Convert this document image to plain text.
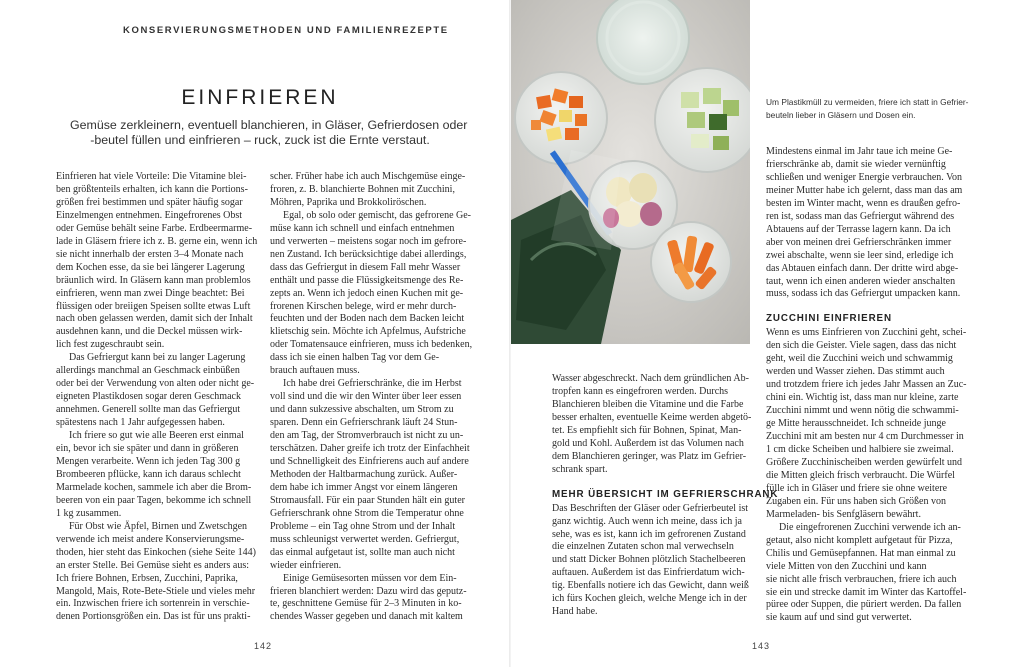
KONSERVIERUNGSMETHODEN UND FAMILIENREZEPTE
EINFRIEREN
Gemüse zerkleinern, eventuell blanchieren, in Gläser, Gefrierdosen oder
-beutel füllen und einfrieren – ruck, zuck ist die Ernte verstaut.
Einfrieren hat viele Vorteile: Die Vitamine blei-
ben größtenteils erhalten, ich kann die Portions-
größen frei bestimmen und später häufig sogar
Einzelmengen entnehmen. Eingefrorenes Obst
oder Gemüse behält seine Farbe. Erdbeermarme-
lade in Gläsern friere ich z. B. gerne ein, wenn ich
sie nicht innerhalb der ersten 3–4 Monate nach
dem Kochen esse, da sie bei längerer Lagerung
bräunlich wird. In Gläsern kann man problemlos
einfrieren, wenn man zwei Dinge beachtet: Bei
flüssigen oder breiigen Speisen sollte etwas Luft
nach oben gelassen werden, damit sich der Inhalt
ausdehnen kann, und die Deckel müssen wirk-
lich fest zugeschraubt sein.
Das Gefriergut kann bei zu langer Lagerung
allerdings manchmal an Geschmack einbüßen
oder bei der Verwendung von alten oder nicht ge-
eigneten Plastikdosen sogar deren Geschmack
annehmen. Generell sollte man das Gefriergut
spätestens nach 1 Jahr aufgegessen haben.
Ich friere so gut wie alle Beeren erst einmal
ein, bevor ich sie später und dann in größeren
Mengen verarbeite. Wenn ich jeden Tag 300 g
Brombeeren pflücke, kann ich daraus schlecht
Marmelade kochen, sammele ich aber die Brom-
beeren von ein paar Tagen, bekomme ich schnell
1 kg zusammen.
Für Obst wie Äpfel, Birnen und Zwetschgen
verwende ich meist andere Konservierungsme-
thoden, hier steht das Einkochen (siehe Seite 144)
an erster Stelle. Bei Gemüse sieht es anders aus:
Ich friere Bohnen, Erbsen, Zucchini, Paprika,
Mangold, Mais, Rote-Bete-Stiele und vieles mehr
ein. Inzwischen friere ich sortenrein in verschie-
denen Portionsgrößen ein. Das ist für uns prakti-
scher. Früher habe ich auch Mischgemüse einge-
froren, z. B. blanchierte Bohnen mit Zucchini,
Möhren, Paprika und Brokkoliröschen.
Egal, ob solo oder gemischt, das gefrorene Ge-
müse kann ich schnell und einfach entnehmen
und verwerten – meistens sogar noch im gefrore-
nen Zustand. Ich berücksichtige dabei allerdings,
dass das Gefriergut in diesem Fall mehr Wasser
enthält und passe die Flüssigkeitsmenge des Re-
zepts an. Wenn ich jedoch einen Kuchen mit ge-
frorenen Kirschen belege, wird er mehr durch-
feuchten und der Boden nach dem Backen leicht
klietschig sein. Möchte ich Apfelmus, Aufstriche
oder Tomatensauce einfrieren, muss ich bedenken,
dass ich sie einen halben Tag vor dem Ge-
brauch auftauen muss.
Ich habe drei Gefrierschränke, die im Herbst
voll sind und die wir den Winter über leer essen
und dann sukzessive abschalten, um Strom zu
sparen. Denn ein Gefrierschrank läuft 24 Stun-
den am Tag, der Stromverbrauch ist nicht zu un-
terschätzen. Daher greife ich trotz der Einfachheit
und Schnelligkeit des Einfrierens auch auf andere
Methoden der Haltbarmachung zurück. Außer-
dem habe ich immer Angst vor einem längeren
Stromausfall. Für ein paar Stunden hält ein guter
Gefrierschrank ohne Strom die Temperatur ohne
Probleme – ein Tag ohne Strom und der Inhalt
muss schleunigst verwertet werden. Gefriergut,
das einmal aufgetaut ist, sollte man auch nicht
wieder einfrieren.
Einige Gemüsesorten müssen vor dem Ein-
frieren blanchiert werden: Dazu wird das geputz-
te, geschnittene Gemüse für 2–3 Minuten in ko-
chendes Wasser gegeben und danach mit kaltem
Wasser abgeschreckt. Nach dem gründlichen Ab-
tropfen kann es eingefroren werden. Durchs
Blanchieren bleiben die Vitamine und die Farbe
besser erhalten, eventuelle Keime werden abgetö-
tet. Es empfiehlt sich für Bohnen, Spinat, Man-
gold und Kohl. Außerdem ist das Volumen nach
dem Blanchieren geringer, was Platz im Gefrier-
schrank spart.
MEHR ÜBERSICHT IM GEFRIERSCHRANK
Das Beschriften der Gläser oder Gefrierbeutel ist
ganz wichtig. Auch wenn ich meine, dass ich ja
sehe, was es ist, kann ich im gefrorenen Zustand
die einzelnen Zutaten schon mal verwechseln
und statt Dicker Bohnen plötzlich Stachelbeeren
auftauen. Außerdem ist das Einfrierdatum wich-
tig. Ebenfalls notiere ich das Gewicht, dann weiß
ich fürs Kochen gleich, welche Menge ich in der
Hand habe.
Um Plastikmüll zu vermeiden, friere ich statt in Gefrier-
beuteln lieber in Gläsern und Dosen ein.
Mindestens einmal im Jahr taue ich meine Ge-
frierschränke ab, damit sie wieder vernünftig
schließen und weniger Energie verbrauchen. Von
meiner Mutter habe ich gelernt, dass man das am
besten im Winter macht, wenn es draußen gefro-
ren ist, sodass man das Gefriergut während des
Abtauens auf der Terrasse lagern kann. Da ich
aber von meinen drei Gefrierschränken immer
zwei abschalte, wenn sie leer sind, erledige ich
das Abtauen einfach dann. Der dritte wird abge-
taut, wenn ich einen anderen wieder anschalten
muss, sodass ich das Gefriergut umpacken kann.
ZUCCHINI EINFRIEREN
Wenn es ums Einfrieren von Zucchini geht, schei-
den sich die Geister. Viele sagen, dass das nicht
geht, weil die Zucchini weich und schwammig
werden und Wasser ziehen. Das stimmt auch
und trotzdem friere ich jedes Jahr Massen an Zuc-
chini ein. Wichtig ist, dass man nur kleine, zarte
Zucchini nimmt und wenn nötig die schwammi-
ge Mitte herausschneidet. Ich schneide junge
Zucchini mit am besten nur 4 cm Durchmesser in
1 cm dicke Scheiben und halbiere sie zweimal.
Größere Zucchinischeiben werden gewürfelt und
die Mitten gleich frisch verbraucht. Die Würfel
fülle ich in Gläser und friere sie ohne weitere
Zugaben ein. Für uns haben sich Größen von
Marmeladen- bis Senfgläsern bewährt.
Die eingefrorenen Zucchini verwende ich an-
getaut, also nicht komplett aufgetaut für Pizza,
Chilis und Gemüsepfannen. Hat man einmal zu
viele Mitten von den Zucchini und kann
sie nicht alle frisch verbrauchen, friere ich auch
sie ein und strecke damit im Winter das Kartoffel-
püree oder Suppen, die püriert werden. Da fallen
sie kaum auf und sind gut verwertet.
142	143
